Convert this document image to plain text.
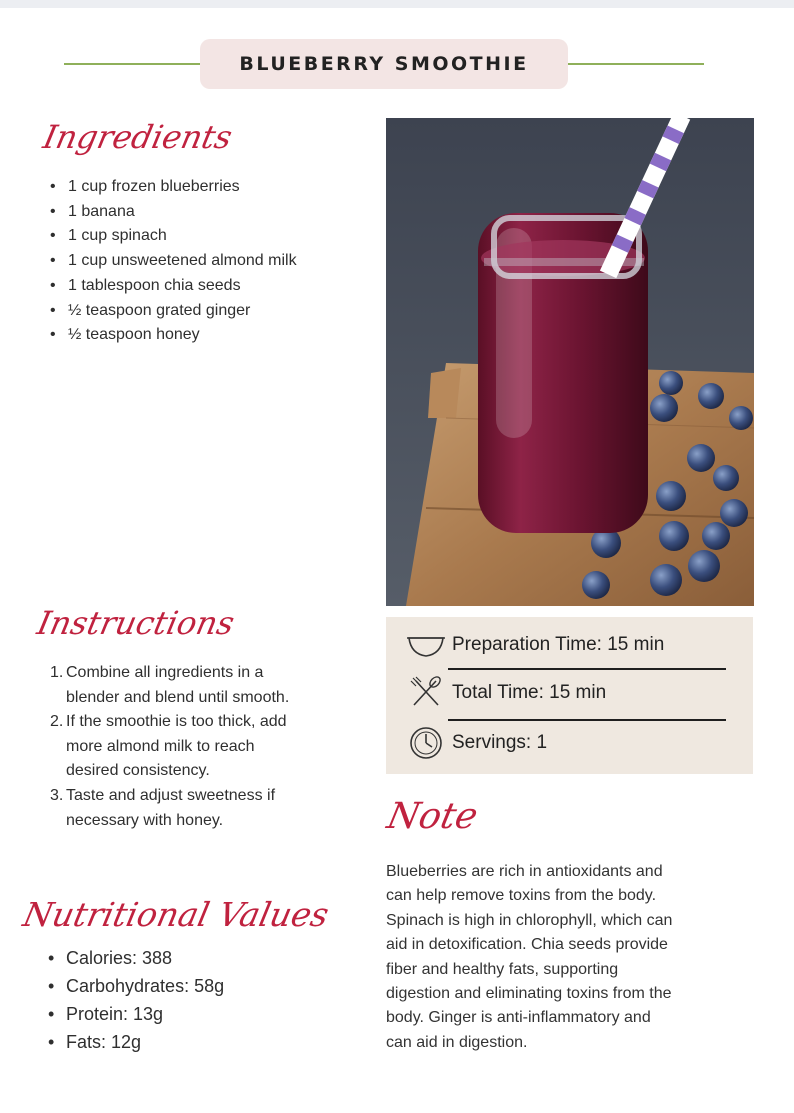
BLUEBERRY SMOOTHIE
Ingredients
• 1 cup frozen blueberries
• 1 banana
• 1 cup spinach
• 1 cup unsweetened almond milk
• 1 tablespoon chia seeds
• ½ teaspoon grated ginger
• ½ teaspoon honey
Instructions
1. Combine all ingredients in a
blender and blend until smooth.
2. If the smoothie is too thick, add
more almond milk to reach
desired consistency.
3. Taste and adjust sweetness if
necessary with honey.
Preparation Time: 15 min
Total Time: 15 min
Servings: 1
Note
Blueberries are rich in antioxidants and
can help remove toxins from the body.
Spinach is high in chlorophyll, which can
aid in detoxification. Chia seeds provide
fiber and healthy fats, supporting
digestion and eliminating toxins from the
body. Ginger is anti-inflammatory and
can aid in digestion.
Nutritional Values
• Calories: 388
• Carbohydrates: 58g
• Protein: 13g
• Fats: 12g
